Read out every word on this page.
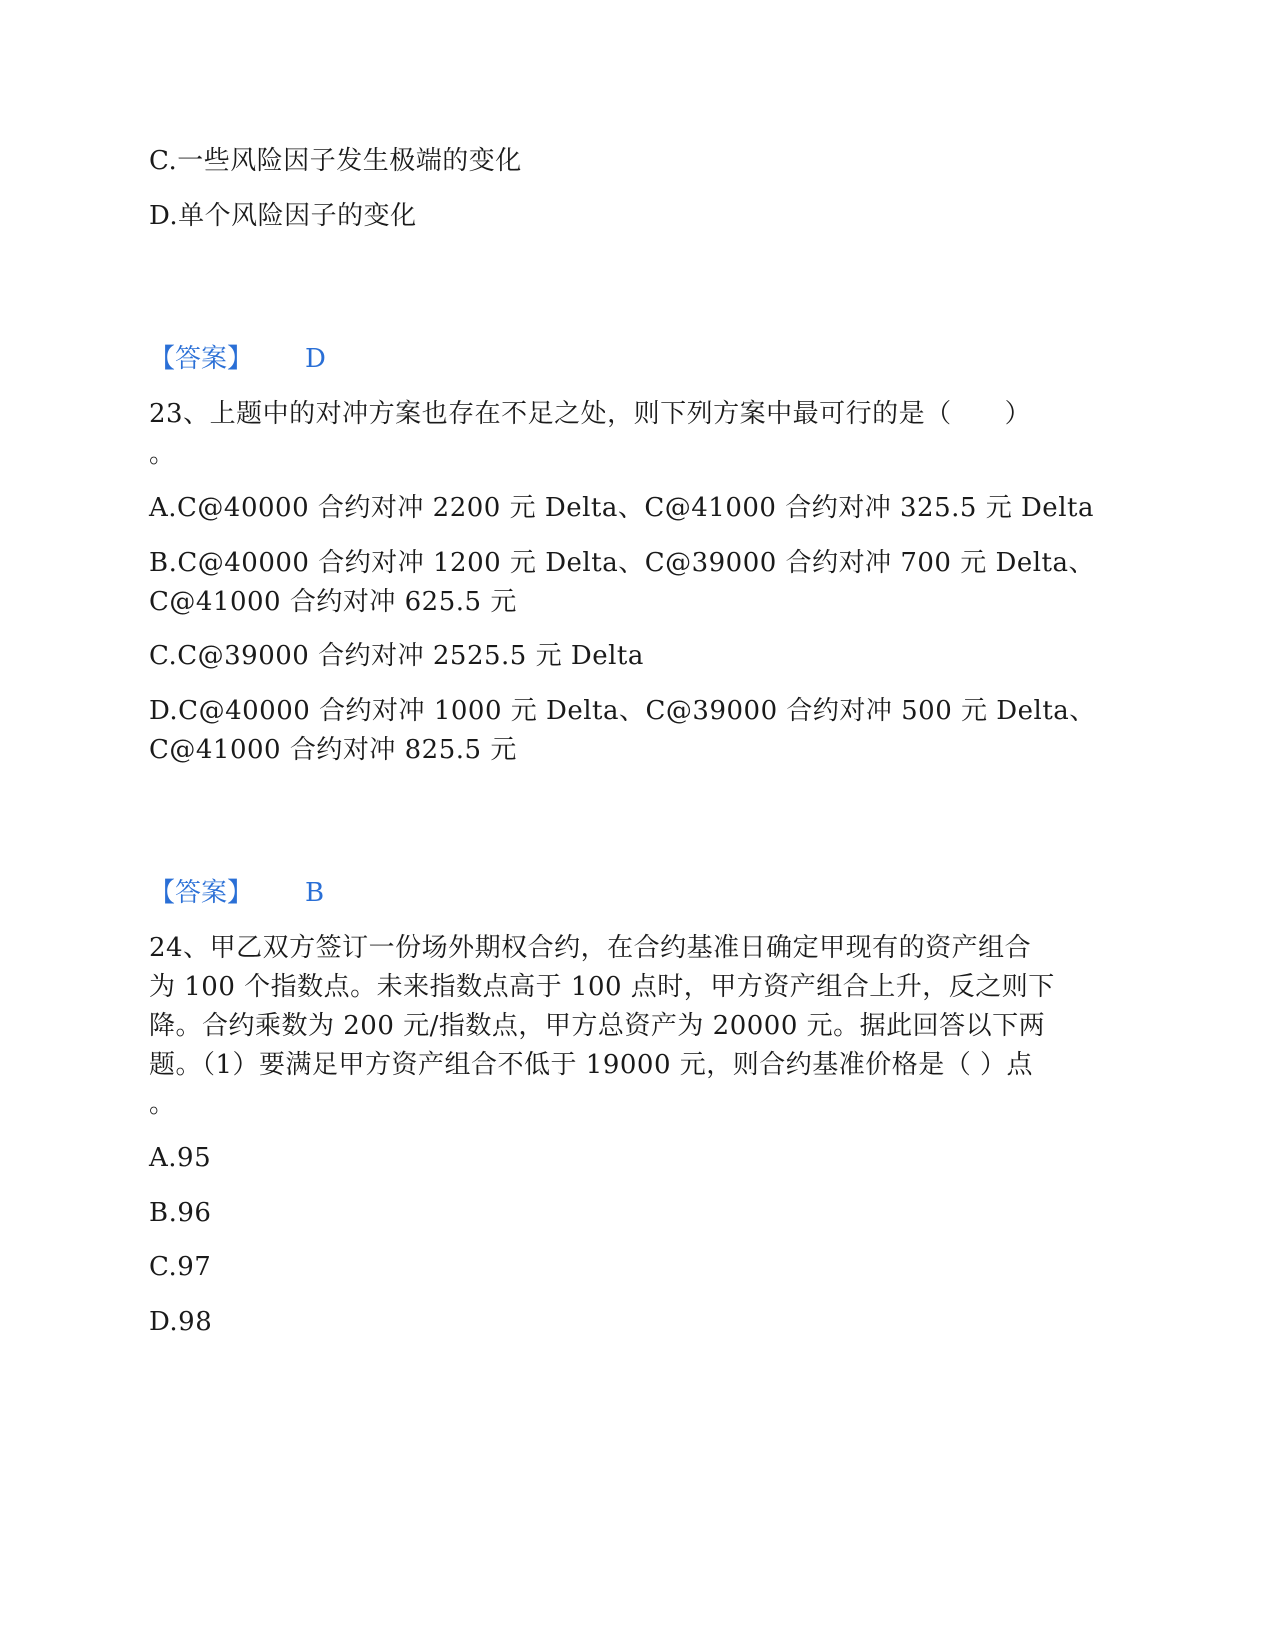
C.一些风险因子发生极端的变化
D.单个风险因子的变化
【答案】 D
23、上题中的对冲方案也存在不足之处，则下列方案中最可行的是（　　）
。
A.C@40000 合约对冲 2200 元 Delta、C@41000 合约对冲 325.5 元 Delta
B.C@40000 合约对冲 1200 元 Delta、C@39000 合约对冲 700 元 Delta、
C@41000 合约对冲 625.5 元
C.C@39000 合约对冲 2525.5 元 Delta
D.C@40000 合约对冲 1000 元 Delta、C@39000 合约对冲 500 元 Delta、
C@41000 合约对冲 825.5 元
【答案】 B
24、甲乙双方签订一份场外期权合约，在合约基准日确定甲现有的资产组合
为 100 个指数点。未来指数点高于 100 点时，甲方资产组合上升，反之则下
降。合约乘数为 200 元/指数点，甲方总资产为 20000 元。据此回答以下两
题。（1）要满足甲方资产组合不低于 19000 元，则合约基准价格是（ ）点
。
A.95
B.96
C.97
D.98
